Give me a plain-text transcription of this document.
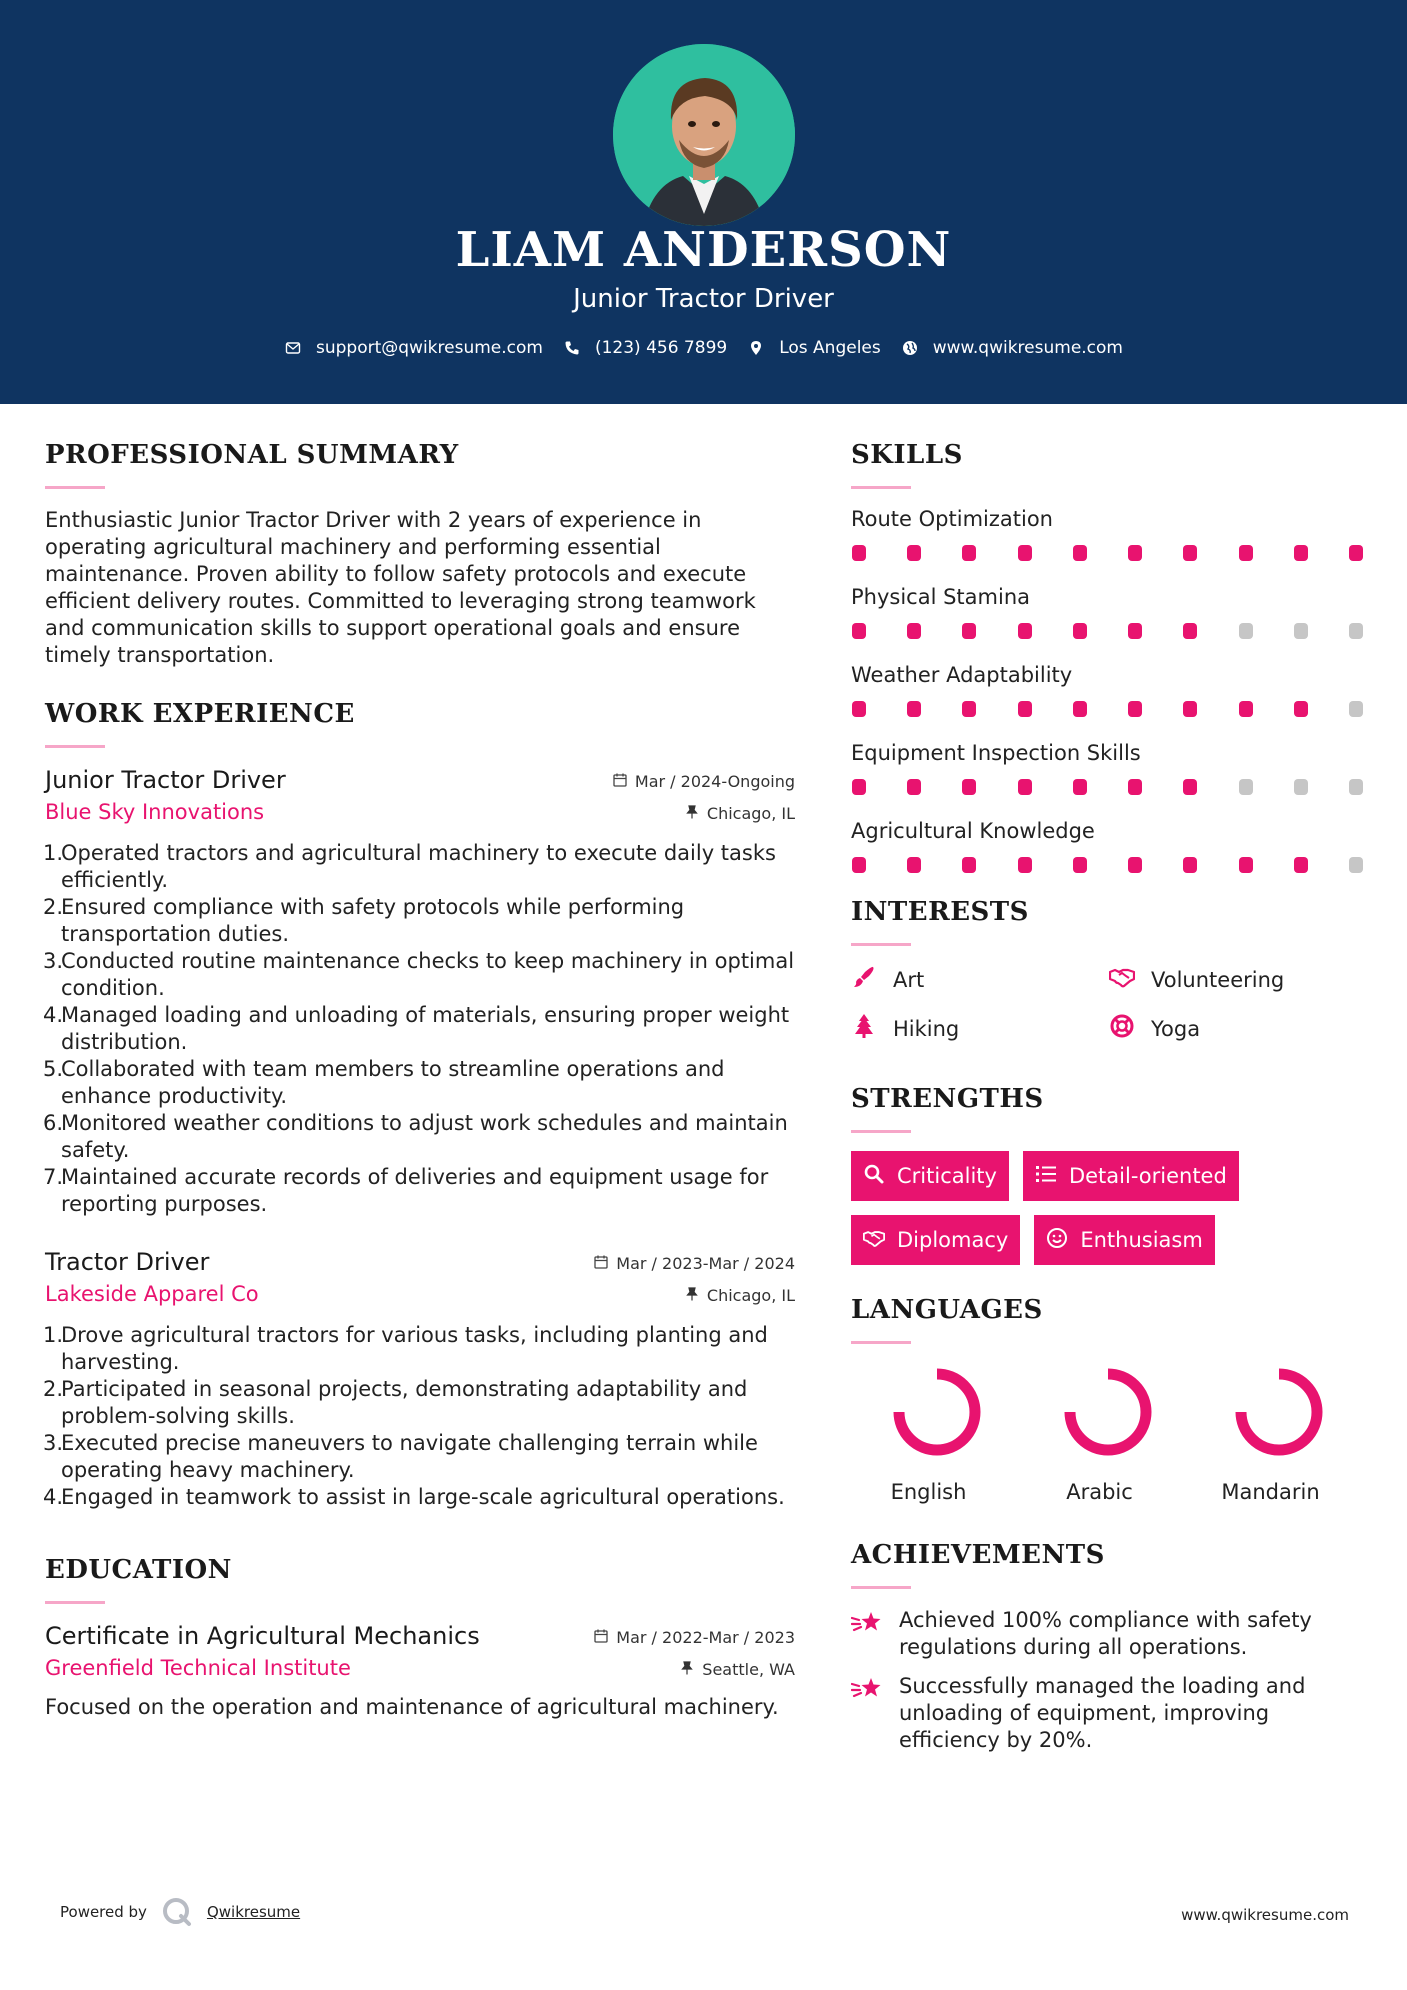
LIAM ANDERSON
Junior Tractor Driver
support@qwikresume.com	(123) 456 7899	Los Angeles	www.qwikresume.com
PROFESSIONAL SUMMARY
Enthusiastic Junior Tractor Driver with 2 years of experience in operating agricultural machinery and performing essential maintenance. Proven ability to follow safety protocols and execute efficient delivery routes. Committed to leveraging strong teamwork and communication skills to support operational goals and ensure timely transportation.
WORK EXPERIENCE
Junior Tractor Driver
Blue Sky Innovations
Mar / 2024-Ongoing

Chicago, IL
1.
Operated tractors and agricultural machinery to execute daily tasks efficiently.
2.
Ensured compliance with safety protocols while performing transportation duties.
3.
Conducted routine maintenance checks to keep machinery in optimal condition.
4.
Managed loading and unloading of materials, ensuring proper weight distribution.
5.
Collaborated with team members to streamline operations and enhance productivity.
6.
Monitored weather conditions to adjust work schedules and maintain safety.
7.
Maintained accurate records of deliveries and equipment usage for reporting purposes.
Tractor Driver
Lakeside Apparel Co
Mar / 2023-Mar / 2024

Chicago, IL
1.
Drove agricultural tractors for various tasks, including planting and harvesting.
2.
Participated in seasonal projects, demonstrating adaptability and problem-solving skills.
3.
Executed precise maneuvers to navigate challenging terrain while operating heavy machinery.
4.
Engaged in teamwork to assist in large-scale agricultural operations.
EDUCATION
Certificate in Agricultural Mechanics
Greenfield Technical Institute
Mar / 2022-Mar / 2023

Seattle, WA
Focused on the operation and maintenance of agricultural machinery.
SKILLS
Route Optimization
Physical Stamina
Weather Adaptability
Equipment Inspection Skills
Agricultural Knowledge
INTERESTS
Art	Volunteering
Hiking	Yoga
STRENGTHS
Criticality	Detail-oriented
Diplomacy	Enthusiasm
LANGUAGES
English	Arabic	Mandarin
ACHIEVEMENTS
Achieved 100% compliance with safety regulations during all operations.
Successfully managed the loading and unloading of equipment, improving efficiency by 20%.
Powered by	Qwikresume	www.qwikresume.com
